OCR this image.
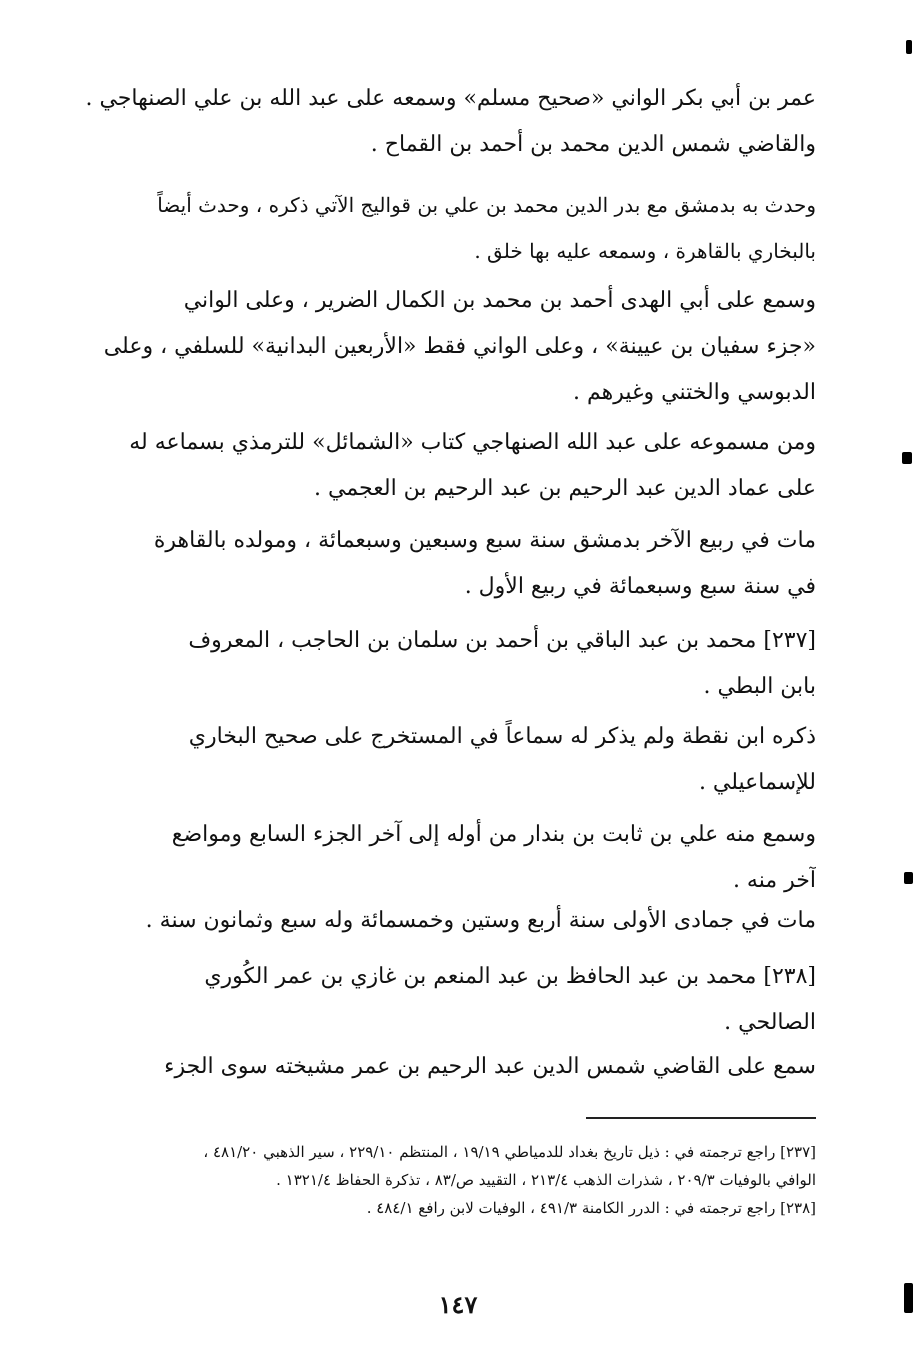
عمر بن أبي بكر الواني «صحيح مسلم» وسمعه على عبد الله بن علي الصنهاجي .
والقاضي شمس الدين محمد بن أحمد بن القماح .
وحدث به بدمشق مع بدر الدين محمد بن علي بن قواليج الآتي ذكره ، وحدث أيضاً
بالبخاري بالقاهرة ، وسمعه عليه بها خلق .
وسمع على أبي الهدى أحمد بن محمد بن الكمال الضرير ، وعلى الواني
«جزء سفيان بن عيينة» ، وعلى الواني فقط «الأربعين البدانية» للسلفي ، وعلى
الدبوسي والختني وغيرهم .
ومن مسموعه على عبد الله الصنهاجي كتاب «الشمائل» للترمذي بسماعه له
على عماد الدين عبد الرحيم بن عبد الرحيم بن العجمي .
مات في ربيع الآخر بدمشق سنة سبع وسبعين وسبعمائة ، ومولده بالقاهرة
في سنة سبع وسبعمائة في ربيع الأول .
[٢٣٧] محمد بن عبد الباقي بن أحمد بن سلمان بن الحاجب ، المعروف
بابن البطي .
ذكره ابن نقطة ولم يذكر له سماعاً في المستخرج على صحيح البخاري
للإسماعيلي .
وسمع منه علي بن ثابت بن بندار من أوله إلى آخر الجزء السابع ومواضع
آخر منه .
مات في جمادى الأولى سنة أربع وستين وخمسمائة وله سبع وثمانون سنة .
[٢٣٨] محمد بن عبد الحافظ بن عبد المنعم بن غازي بن عمر الكُوري
الصالحي .
سمع على القاضي شمس الدين عبد الرحيم بن عمر مشيخته سوى الجزء
[٢٣٧] راجع ترجمته في : ذيل تاريخ بغداد للدمياطي ١٩/١٩ ، المنتظم ٢٢٩/١٠ ، سير الذهبي ٤٨١/٢٠ ،
الوافي بالوفيات ٢٠٩/٣ ، شذرات الذهب ٢١٣/٤ ، التقييد ص/٨٣ ، تذكرة الحفاظ ١٣٢١/٤ .
[٢٣٨] راجع ترجمته في : الدرر الكامنة ٤٩١/٣ ، الوفيات لابن رافع ٤٨٤/١ .
١٤٧
